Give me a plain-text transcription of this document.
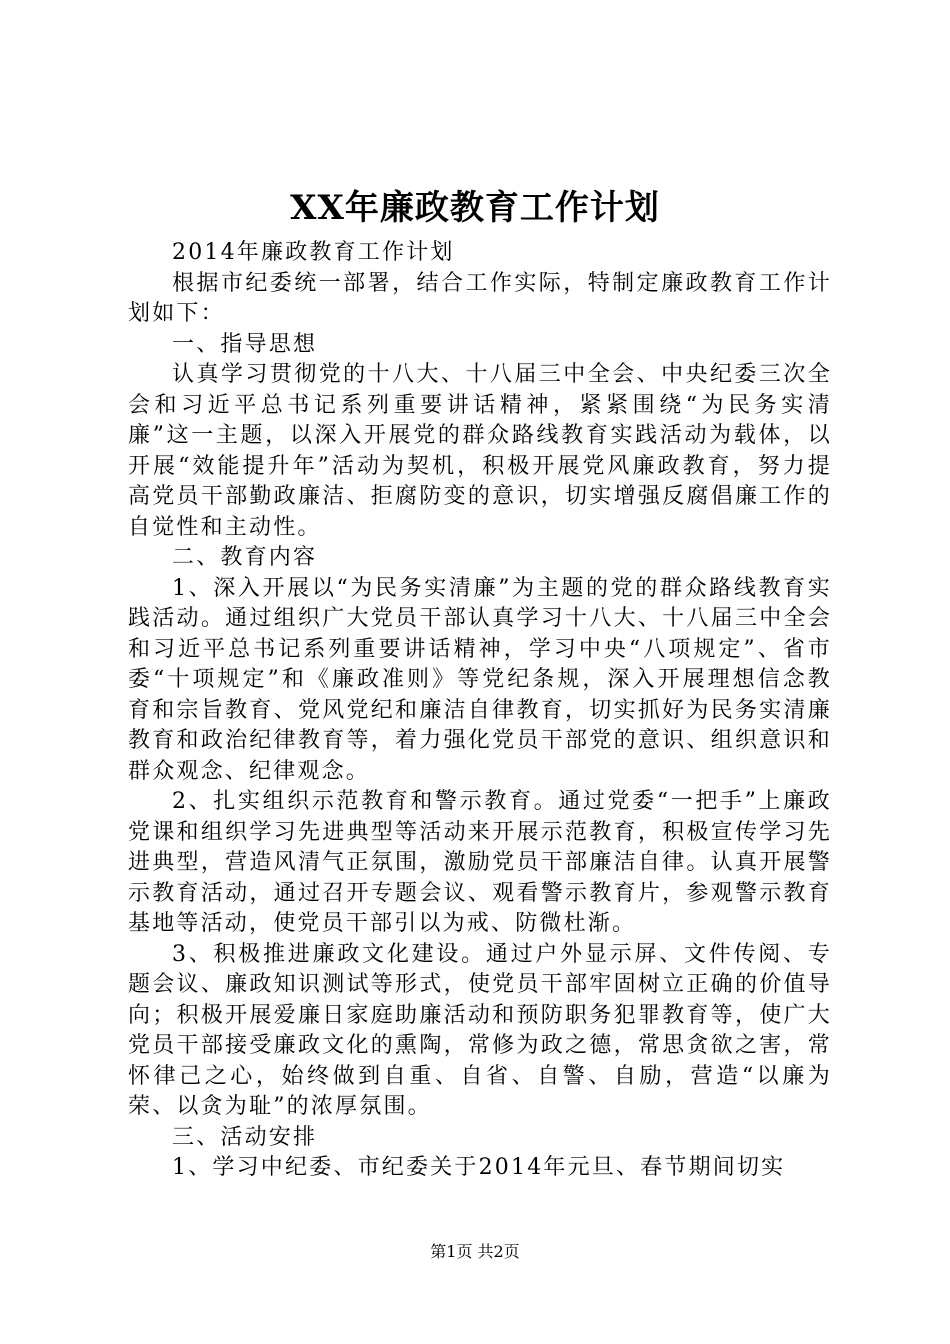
XX年廉政教育工作计划

2014年廉政教育工作计划

根据市纪委统一部署，结合工作实际，特制定廉政教育工作计划如下：

一、指导思想

认真学习贯彻党的十八大、十八届三中全会、中央纪委三次全会和习近平总书记系列重要讲话精神，紧紧围绕“为民务实清廉”这一主题，以深入开展党的群众路线教育实践活动为载体，以开展“效能提升年”活动为契机，积极开展党风廉政教育，努力提高党员干部勤政廉洁、拒腐防变的意识，切实增强反腐倡廉工作的自觉性和主动性。

二、教育内容

1、深入开展以“为民务实清廉”为主题的党的群众路线教育实践活动。通过组织广大党员干部认真学习十八大、十八届三中全会和习近平总书记系列重要讲话精神，学习中央“八项规定”、省市委“十项规定”和《廉政准则》等党纪条规，深入开展理想信念教育和宗旨教育、党风党纪和廉洁自律教育，切实抓好为民务实清廉教育和政治纪律教育等，着力强化党员干部党的意识、组织意识和群众观念、纪律观念。

2、扎实组织示范教育和警示教育。通过党委“一把手”上廉政党课和组织学习先进典型等活动来开展示范教育，积极宣传学习先进典型，营造风清气正氛围，激励党员干部廉洁自律。认真开展警示教育活动，通过召开专题会议、观看警示教育片，参观警示教育基地等活动，使党员干部引以为戒、防微杜渐。

3、积极推进廉政文化建设。通过户外显示屏、文件传阅、专题会议、廉政知识测试等形式，使党员干部牢固树立正确的价值导向；积极开展爱廉日家庭助廉活动和预防职务犯罪教育等，使广大党员干部接受廉政文化的熏陶，常修为政之德，常思贪欲之害，常怀律己之心，始终做到自重、自省、自警、自励，营造“以廉为荣、以贪为耻”的浓厚氛围。

三、活动安排

1、学习中纪委、市纪委关于2014年元旦、春节期间切实

第1页 共2页
